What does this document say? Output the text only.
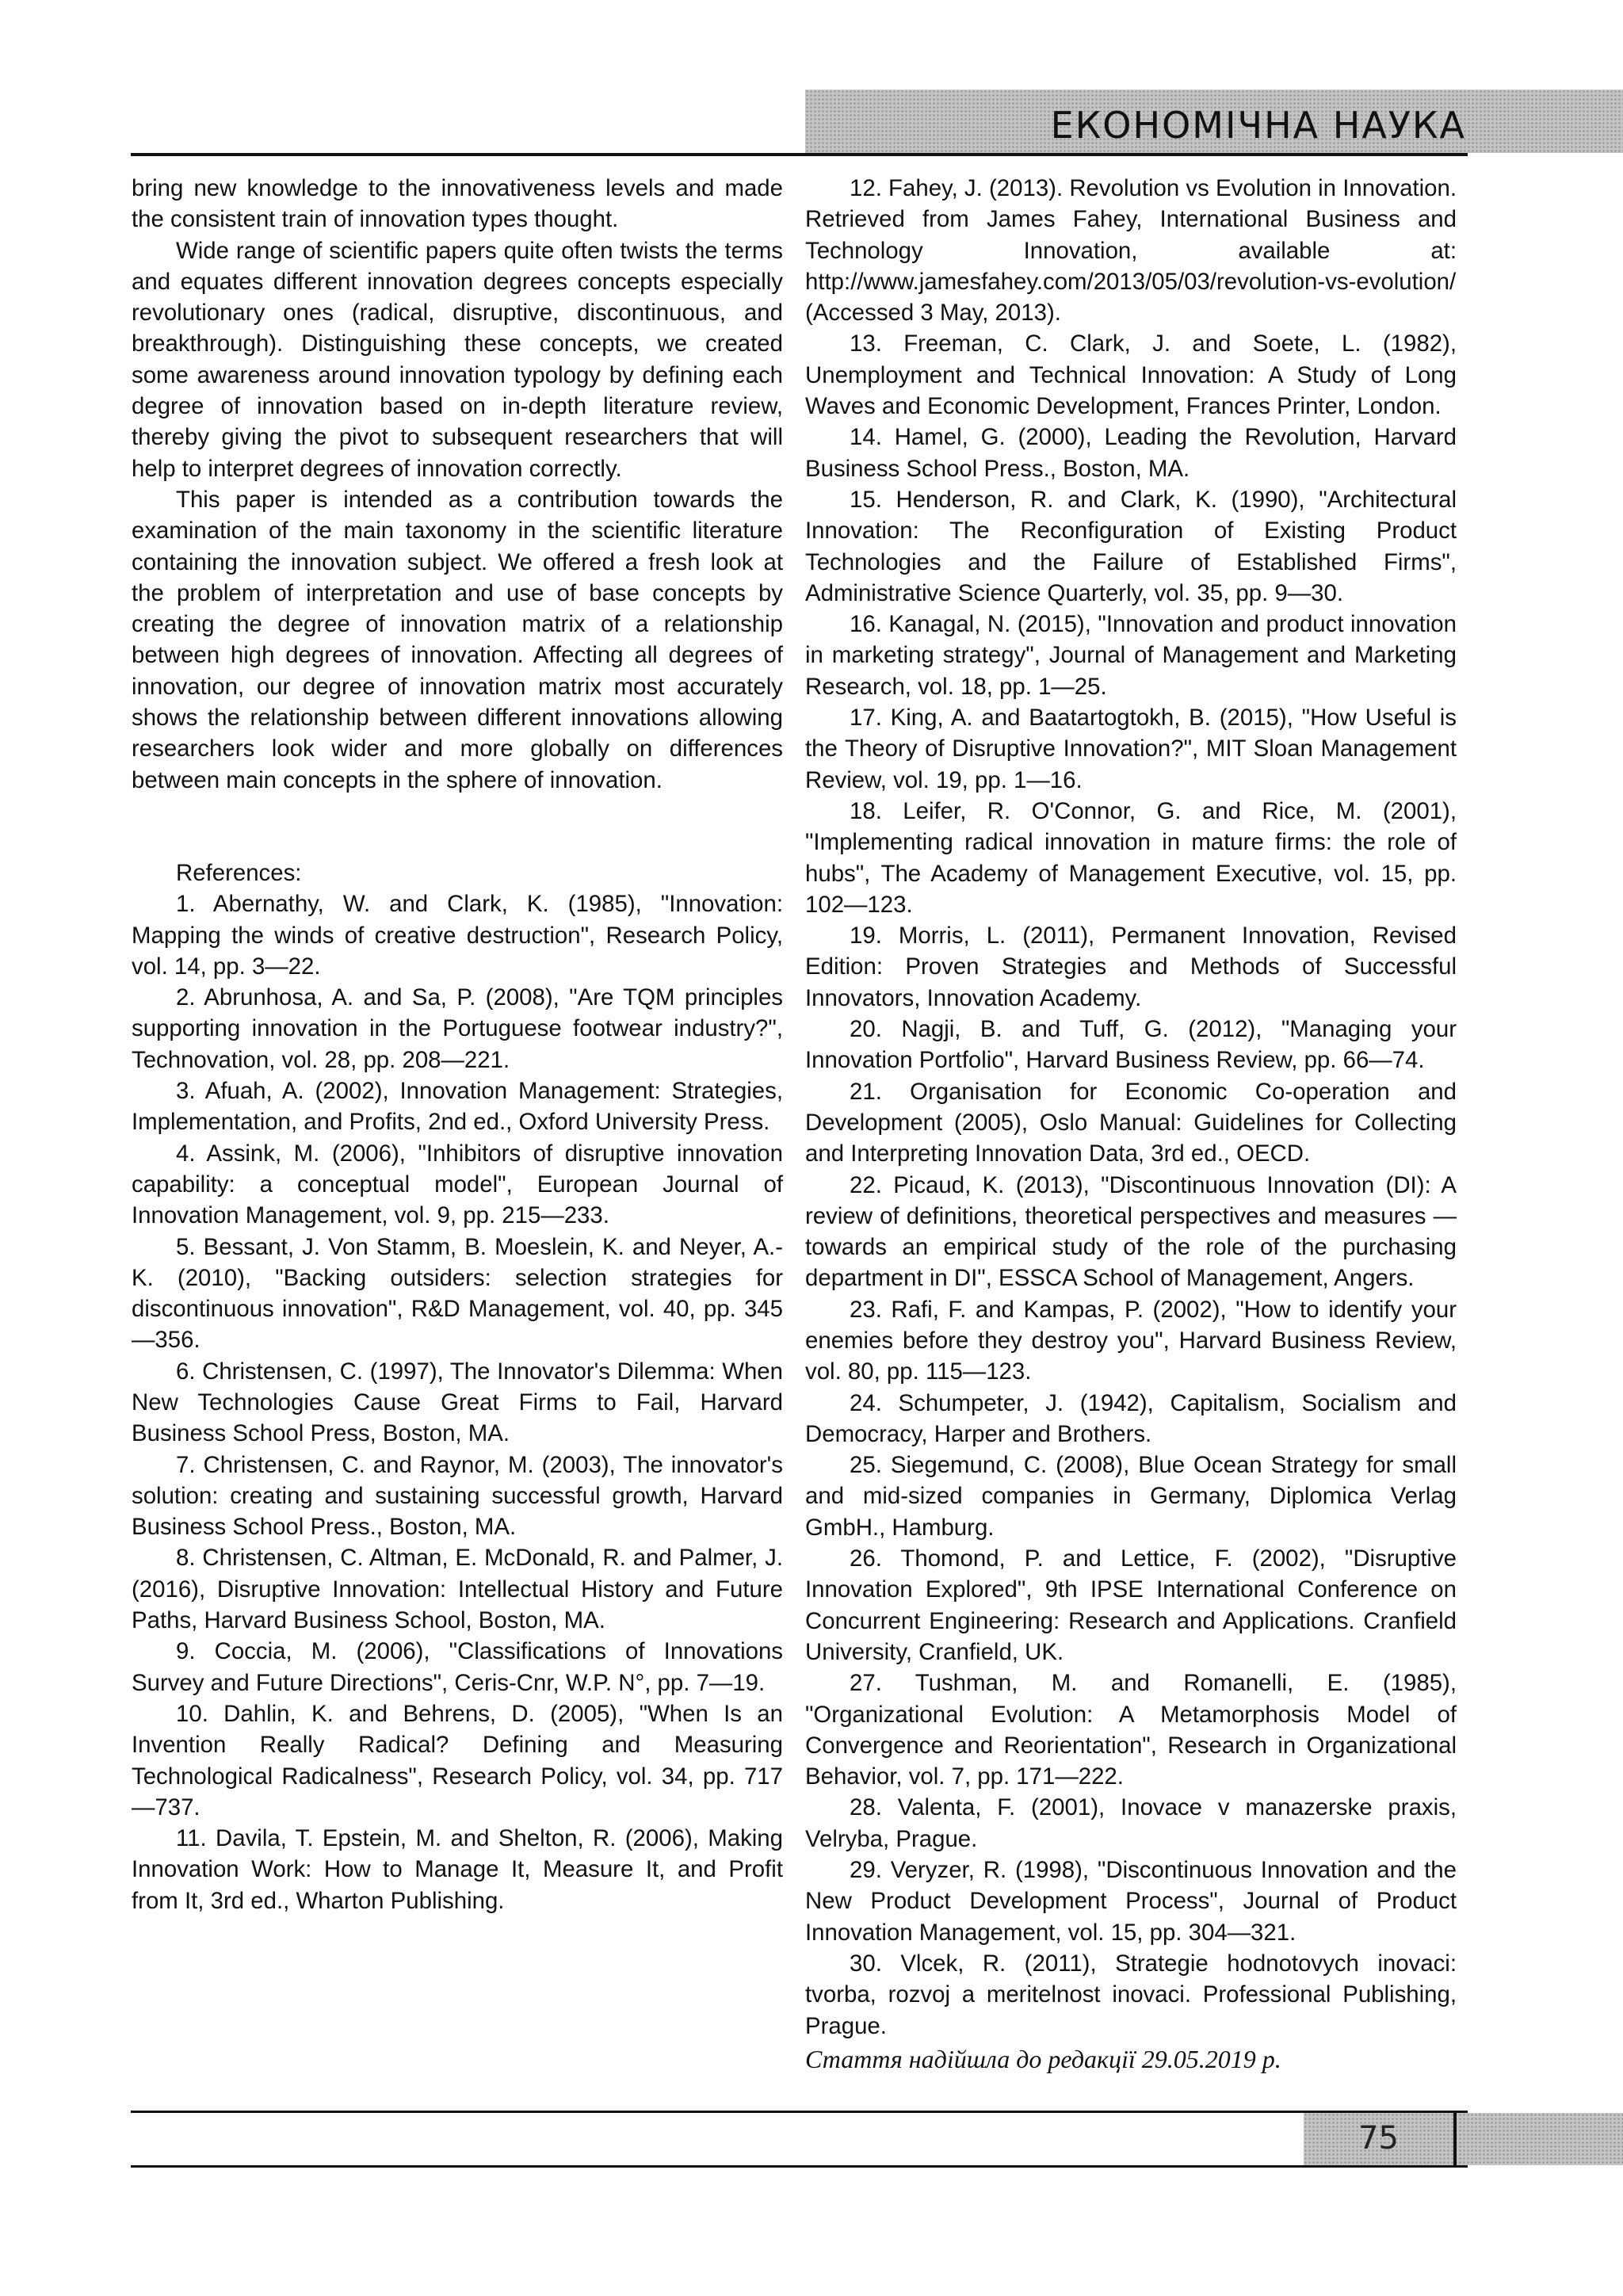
ЕКОНОМІЧНА НАУКА

bring new knowledge to the innovativeness levels and made the consistent train of innovation types thought.

Wide range of scientific papers quite often twists the terms and equates different innovation degrees concepts especially revolutionary ones (radical, disruptive, discontinuous, and breakthrough). Distinguishing these concepts, we created some awareness around innovation typology by defining each degree of innovation based on in-depth literature review, thereby giving the pivot to subsequent researchers that will help to interpret degrees of innovation correctly.

This paper is intended as a contribution towards the examination of the main taxonomy in the scientific literature containing the innovation subject. We offered a fresh look at the problem of interpretation and use of base concepts by creating the degree of innovation matrix of a relationship between high degrees of innovation. Affecting all degrees of innovation, our degree of innovation matrix most accurately shows the relationship between different innovations allowing researchers look wider and more globally on differences between main concepts in the sphere of innovation.

References:

1. Abernathy, W. and Clark, K. (1985), "Innovation: Mapping the winds of creative destruction", Research Policy, vol. 14, pp. 3—22.
2. Abrunhosa, A. and Sa, P. (2008), "Are TQM principles supporting innovation in the Portuguese footwear industry?", Technovation, vol. 28, pp. 208—221.
3. Afuah, A. (2002), Innovation Management: Strategies, Implementation, and Profits, 2nd ed., Oxford University Press.
4. Assink, M. (2006), "Inhibitors of disruptive innovation capability: a conceptual model", European Journal of Innovation Management, vol. 9, pp. 215—233.
5. Bessant, J. Von Stamm, B. Moeslein, K. and Neyer, A.-K. (2010), "Backing outsiders: selection strategies for discontinuous innovation", R&D Management, vol. 40, pp. 345—356.
6. Christensen, C. (1997), The Innovator's Dilemma: When New Technologies Cause Great Firms to Fail, Harvard Business School Press, Boston, MA.
7. Christensen, C. and Raynor, M. (2003), The innovator's solution: creating and sustaining successful growth, Harvard Business School Press., Boston, MA.
8. Christensen, C. Altman, E. McDonald, R. and Palmer, J. (2016), Disruptive Innovation: Intellectual History and Future Paths, Harvard Business School, Boston, MA.
9. Coccia, M. (2006), "Classifications of Innovations Survey and Future Directions", Ceris-Cnr, W.P. N°, pp. 7—19.
10. Dahlin, K. and Behrens, D. (2005), "When Is an Invention Really Radical? Defining and Measuring Technological Radicalness", Research Policy, vol. 34, pp. 717—737.
11. Davila, T. Epstein, M. and Shelton, R. (2006), Making Innovation Work: How to Manage It, Measure It, and Profit from It, 3rd ed., Wharton Publishing.
12. Fahey, J. (2013). Revolution vs Evolution in Innovation. Retrieved from James Fahey, International Business and Technology Innovation, available at: http://www.jamesfahey.com/2013/05/03/revolution-vs-evolution/ (Accessed 3 May, 2013).
13. Freeman, C. Clark, J. and Soete, L. (1982), Unemployment and Technical Innovation: A Study of Long Waves and Economic Development, Frances Printer, London.
14. Hamel, G. (2000), Leading the Revolution, Harvard Business School Press., Boston, MA.
15. Henderson, R. and Clark, K. (1990), "Architectural Innovation: The Reconfiguration of Existing Product Technologies and the Failure of Established Firms", Administrative Science Quarterly, vol. 35, pp. 9—30.
16. Kanagal, N. (2015), "Innovation and product innovation in marketing strategy", Journal of Management and Marketing Research, vol. 18, pp. 1—25.
17. King, A. and Baatartogtokh, B. (2015), "How Useful is the Theory of Disruptive Innovation?", MIT Sloan Management Review, vol. 19, pp. 1—16.
18. Leifer, R. O'Connor, G. and Rice, M. (2001), "Implementing radical innovation in mature firms: the role of hubs", The Academy of Management Executive, vol. 15, pp. 102—123.
19. Morris, L. (2011), Permanent Innovation, Revised Edition: Proven Strategies and Methods of Successful Innovators, Innovation Academy.
20. Nagji, B. and Tuff, G. (2012), "Managing your Innovation Portfolio", Harvard Business Review, pp. 66—74.
21. Organisation for Economic Co-operation and Development (2005), Oslo Manual: Guidelines for Collecting and Interpreting Innovation Data, 3rd ed., OECD.
22. Picaud, K. (2013), "Discontinuous Innovation (DI): A review of definitions, theoretical perspectives and measures — towards an empirical study of the role of the purchasing department in DI", ESSCA School of Management, Angers.
23. Rafi, F. and Kampas, P. (2002), "How to identify your enemies before they destroy you", Harvard Business Review, vol. 80, pp. 115—123.
24. Schumpeter, J. (1942), Capitalism, Socialism and Democracy, Harper and Brothers.
25. Siegemund, C. (2008), Blue Ocean Strategy for small and mid-sized companies in Germany, Diplomica Verlag GmbH., Hamburg.
26. Thomond, P. and Lettice, F. (2002), "Disruptive Innovation Explored", 9th IPSE International Conference on Concurrent Engineering: Research and Applications. Cranfield University, Cranfield, UK.
27. Tushman, M. and Romanelli, E. (1985), "Organizational Evolution: A Metamorphosis Model of Convergence and Reorientation", Research in Organizational Behavior, vol. 7, pp. 171—222.
28. Valenta, F. (2001), Inovace v manazerske praxis, Velryba, Prague.
29. Veryzer, R. (1998), "Discontinuous Innovation and the New Product Development Process", Journal of Product Innovation Management, vol. 15, pp. 304—321.
30. Vlcek, R. (2011), Strategie hodnotovych inovaci: tvorba, rozvoj a meritelnost inovaci. Professional Publishing, Prague.

Стаття надійшла до редакції 29.05.2019 р.

75
